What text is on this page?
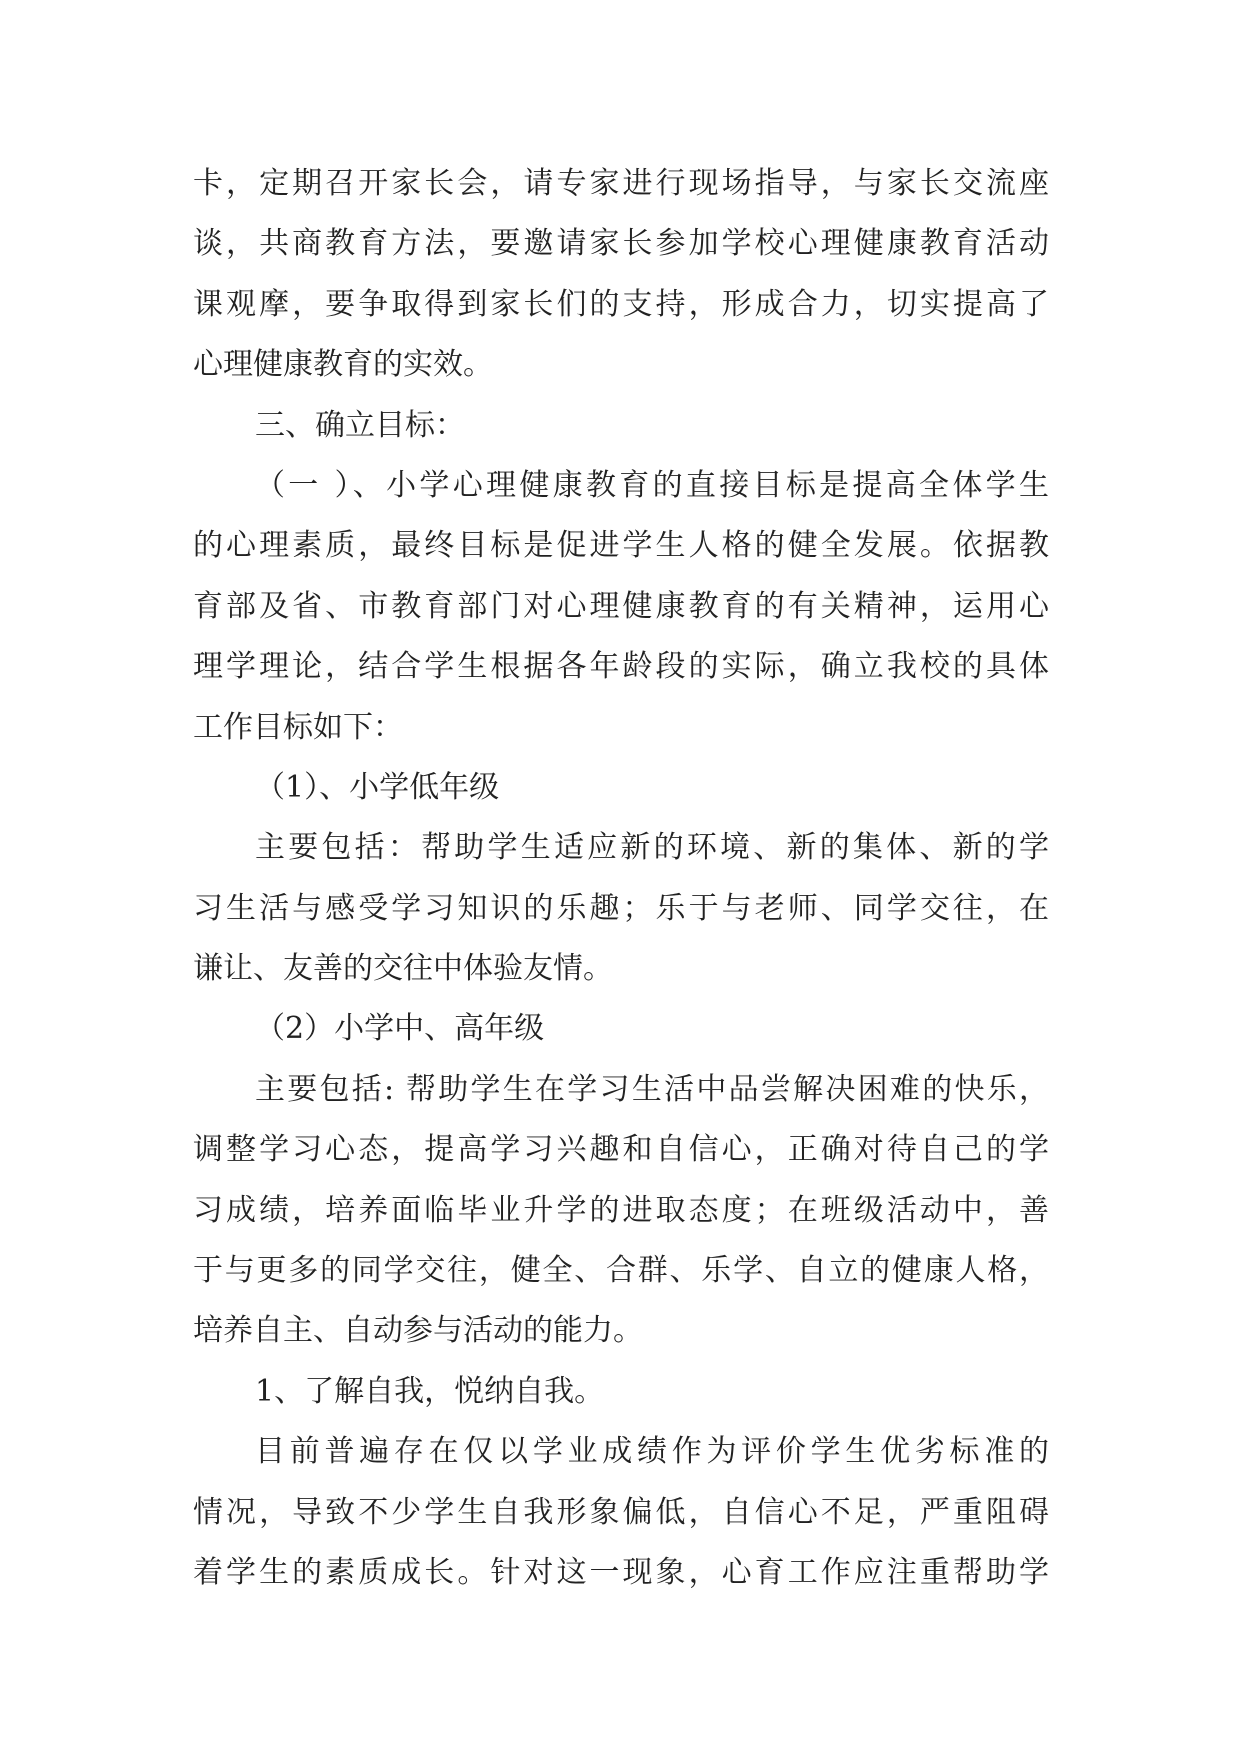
卡，定期召开家长会，请专家进行现场指导，与家长交流座
谈，共商教育方法，要邀请家长参加学校心理健康教育活动
课观摩，要争取得到家长们的支持，形成合力，切实提高了
心理健康教育的实效。
三、确立目标：
（一 ）、小学心理健康教育的直接目标是提高全体学生
的心理素质，最终目标是促进学生人格的健全发展。依据教
育部及省、市教育部门对心理健康教育的有关精神，运用心
理学理论，结合学生根据各年龄段的实际，确立我校的具体
工作目标如下：
（1）、小学低年级
主要包括：帮助学生适应新的环境、新的集体、新的学
习生活与感受学习知识的乐趣；乐于与老师、同学交往，在
谦让、友善的交往中体验友情。
（2）小学中、高年级
主要包括: 帮助学生在学习生活中品尝解决困难的快乐，
调整学习心态，提高学习兴趣和自信心，正确对待自己的学
习成绩，培养面临毕业升学的进取态度；在班级活动中，善
于与更多的同学交往，健全、合群、乐学、自立的健康人格，
培养自主、自动参与活动的能力。
1、了解自我，悦纳自我。
目前普遍存在仅以学业成绩作为评价学生优劣标准的
情况，导致不少学生自我形象偏低，自信心不足，严重阻碍
着学生的素质成长。针对这一现象，心育工作应注重帮助学
